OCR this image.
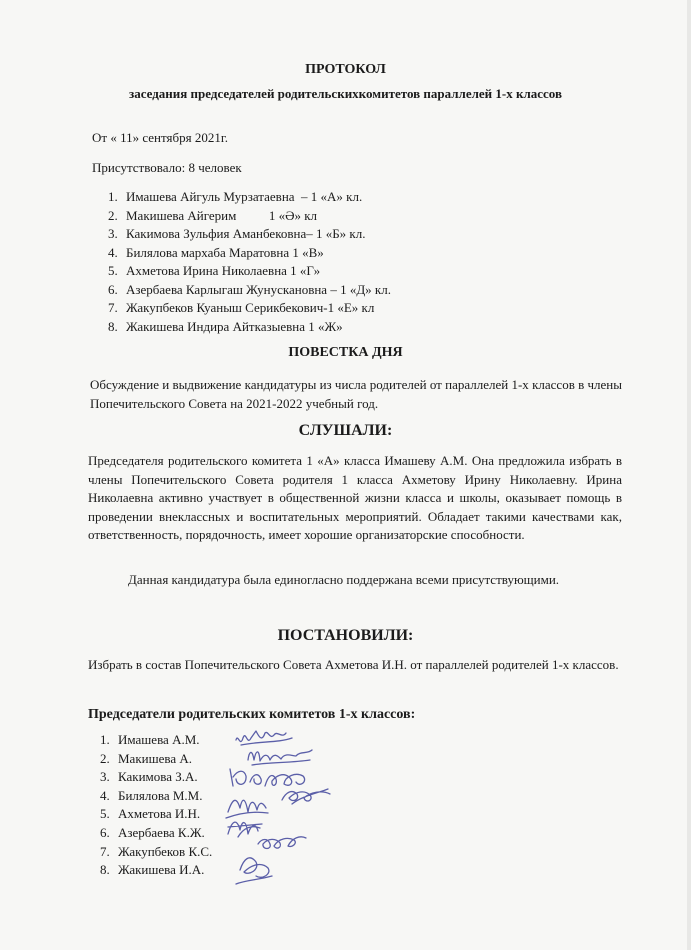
ПРОТОКОЛ
заседания председателей родительскихкомитетов параллелей 1-х классов
От « 11» сентября 2021г.
Присутствовало: 8 человек
1. Имашева Айгуль Мурзатаевна  – 1 «А» кл.
2. Макишева Айгерим          1 «Ә» кл
3. Какимова Зульфия Аманбековна– 1 «Б» кл.
4. Билялова мархаба Маратовна 1 «В»
5. Ахметова Ирина Николаевна 1 «Г»
6. Азербаева Карлыгаш Жунускановна – 1 «Д» кл.
7. Жакупбеков Куаныш Серикбекович-1 «Е» кл
8. Жакишева Индира Айтказыевна 1 «Ж»
ПОВЕСТКА ДНЯ
Обсуждение и выдвижение кандидатуры из числа родителей от параллелей 1-х классов в члены Попечительского Совета на 2021-2022 учебный год.
СЛУШАЛИ:
Председателя родительского комитета 1 «А» класса Имашеву А.М. Она предложила избрать в члены Попечительского Совета родителя 1 класса Ахметову Ирину Николаевну. Ирина Николаевна активно участвует в общественной жизни класса и школы, оказывает помощь в проведении внеклассных и воспитательных мероприятий. Обладает такими качествами как, ответственность, порядочность, имеет хорошие организаторские способности.
Данная кандидатура была единогласно поддержана всеми присутствующими.
ПОСТАНОВИЛИ:
Избрать в состав Попечительского Совета Ахметова И.Н. от параллелей родителей 1-х классов.
Председатели родительских комитетов 1-х классов:
1. Имашева А.М.
2. Макишева А.
3. Какимова З.А.
4. Билялова М.М.
5. Ахметова И.Н.
6. Азербаева К.Ж.
7. Жакупбеков К.С.
8. Жакишева И.А.
